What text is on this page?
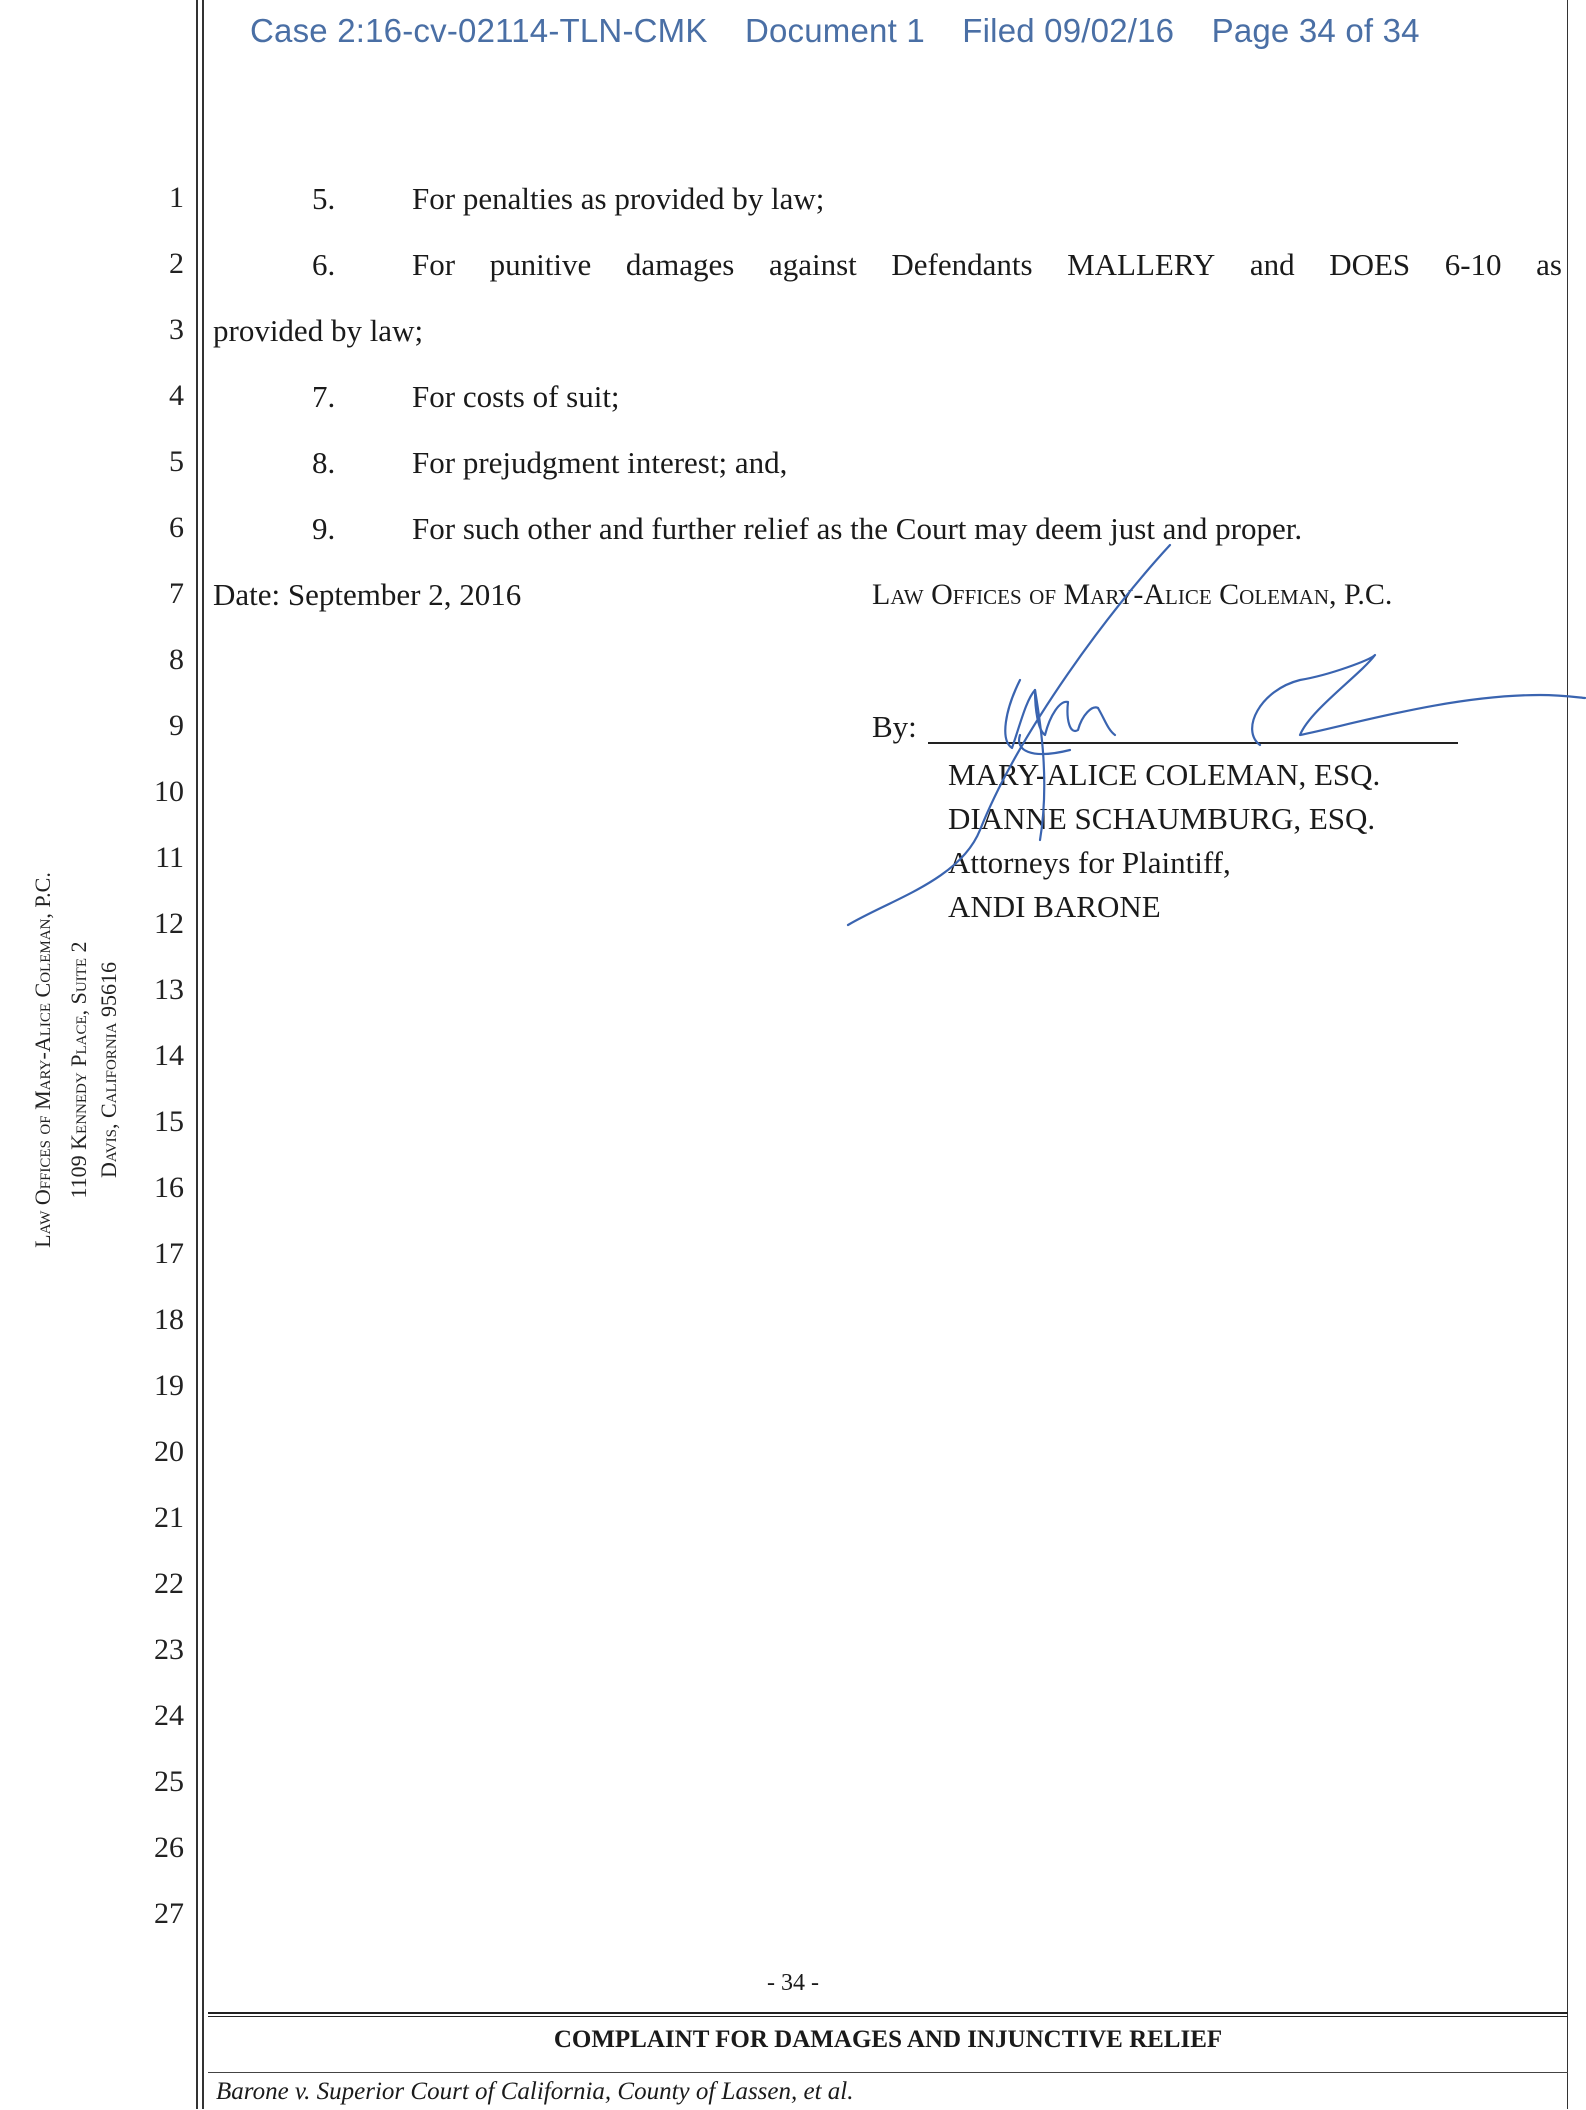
Case 2:16-cv-02114-TLN-CMK Document 1 Filed 09/02/16 Page 34 of 34
1
2
3
4
5
6
7
8
9
10
11
12
13
14
15
16
17
18
19
20
21
22
23
24
25
26
27
Law Offices of Mary-Alice Coleman, P.C. 1109 Kennedy Place, Suite 2 Davis, California 95616
5. For penalties as provided by law;
6. For punitive damages against Defendants MALLERY and DOES 6-10 as
provided by law;
7. For costs of suit;
8. For prejudgment interest; and,
9. For such other and further relief as the Court may deem just and proper.
Date: September 2, 2016	Law Offices of Mary-Alice Coleman, P.C.
By:
MARY-ALICE COLEMAN, ESQ.
DIANNE SCHAUMBURG, ESQ.
Attorneys for Plaintiff,
ANDI BARONE
- 34 -
COMPLAINT FOR DAMAGES AND INJUNCTIVE RELIEF
Barone v. Superior Court of California, County of Lassen, et al.
